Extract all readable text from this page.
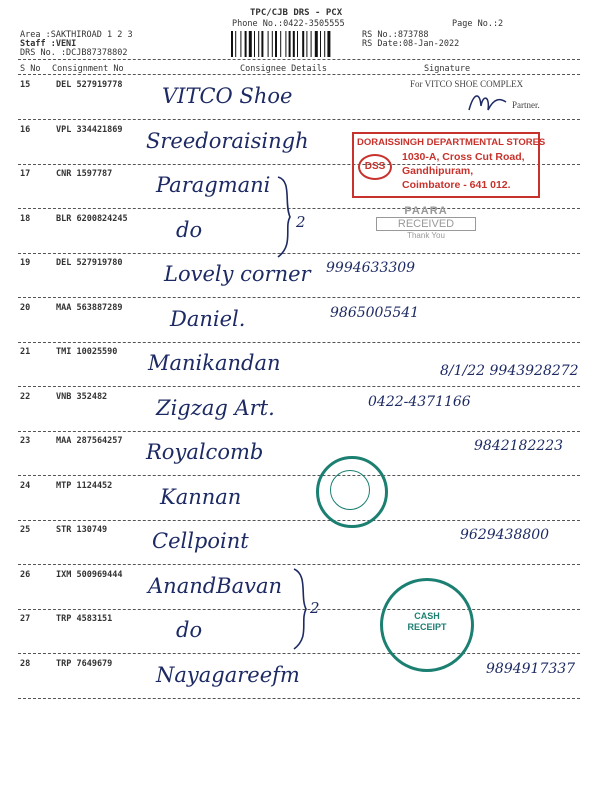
TPC/CJB DRS - PCX
Phone No.:0422-3505555	Page No.:2
Area :SAKTHIROAD 1 2 3
Staff :VENI
DRS No. :DCJB87378802
RS No.:873788
RS Date:08-Jan-2022
S No Consignment No	Consignee Details	Signature
15	DEL 527919778 VITCO Shoe
16	VPL 334421869 Sreedoraisingh
17	CNR 1597787 Paragmani
18	BLR 6200824245 do
19	DEL 527919780 Lovely corner 9994633309
20	MAA 563887289 Daniel.	9865005541
21	TMI 10025590 Manikandan	8/1/22 9943928272
22	VNB 352482 Zigzag Art.	0422-4371166
23	MAA 287564257 Royalcomb	9842182223
24	MTP 1124452 Kannan
25	STR 130749 Cellpoint	9629438800
26	IXM 500969444 AnandBavan
27	TRP 4583151	do
28	TRP 7649679 Nayagareefm	9894917337
2
2
For VITCO SHOE COMPLEX
Partner.
DORAISSINGH DEPARTMENTAL STORES
DSS
1030-A, Cross Cut Road,
Gandhipuram,
Coimbatore - 641 012.
PAARA
RECEIVED
Thank You
CASH RECEIPT
